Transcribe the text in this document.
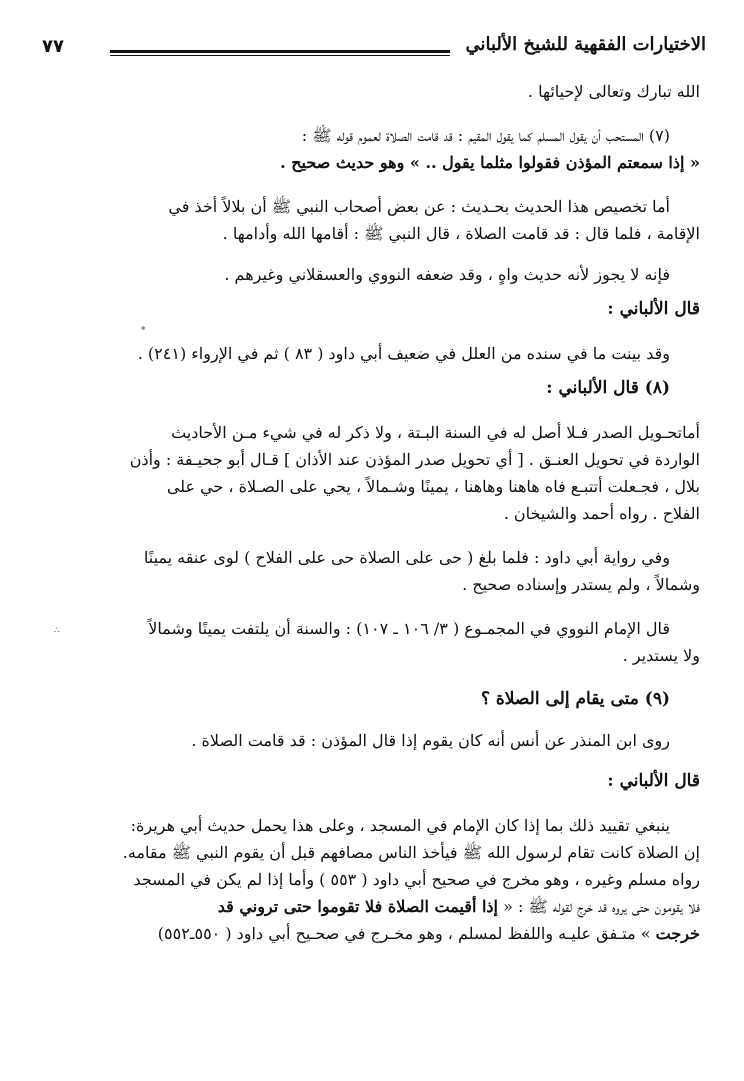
٧٧	الاختيارات الفقهية للشيخ الألباني

الله تبارك وتعالى لإحيائها .

(٧) المستحب أن يقول المسلم كما يقول المقيم : قد قامت الصلاة لعموم قوله ﷺ :

« إذا سمعتم المؤذن فقولوا مثلما يقول .. » وهو حديث صحيح .

أما تخصيص هذا الحديث بحـديث : عن بعض أصحاب النبي ﷺ أن بلالاً أخذ في

الإقامة ، فلما قال : قد قامت الصلاة ، قال النبي ﷺ : أقامها الله وأدامها .

فإنه لا يجوز لأنه حديث واهٍ ، وقد ضعفه النووي والعسقلاني وغيرهم .

قال الألباني :

وقد بينت ما في سنده من العلل في ضعيف أبي داود ( ٨٣ ) ثم في الإرواء (٢٤١) .

(٨) قال الألباني :

أماتحـويل الصدر فـلا أصل له في السنة البـتة ، ولا ذكر له في شيء مـن الأحاديث

الواردة في تحويل العنـق . [ أي تحويل صدر المؤذن عند الأذان ] قـال أبو جحيـفة : وأذن

بلال ، فجـعلت أتتبـع فاه هاهنا وهاهنا ، يمينًا وشـمالاً ، يحي على الصـلاة ، حي على

الفلاح . رواه أحمد والشيخان .

وفي رواية أبي داود : فلما بلغ ( حى على الصلاة حى على الفلاح ) لوى عنقه يمينًا

وشمالاً ، ولم يستدر وإسناده صحيح .

قال الإمام النووي في المجمـوع ( ٣/ ١٠٦ ـ ١٠٧) : والسنة أن يلتفت يمينًا وشمالاً

ولا يستدير .

(٩) متى يقام إلى الصلاة ؟

روى ابن المنذر عن أنس أنه كان يقوم إذا قال المؤذن : قد قامت الصلاة .

قال الألباني :

ينبغي تقييد ذلك بما إذا كان الإمام في المسجد ، وعلى هذا يحمل حديث أبي هريرة:

إن الصلاة كانت تقام لرسول الله ﷺ فيأخذ الناس مصافهم قبل أن يقوم النبي ﷺ مقامه.

رواه مسلم وغيره ، وهو مخرج في صحيح أبي داود ( ٥٥٣ ) وأما إذا لم يكن في المسجد

فلا يقومون حتى يروه قد خرج لقوله ﷺ : « إذا أقيمت الصلاة فلا تقوموا حتى تروني قد

خرجت » متـفق عليـه واللفظ لمسلم ، وهو مخـرج في صحـيح أبي داود ( ٥٥٠ـ٥٥٢)

∗
∴
